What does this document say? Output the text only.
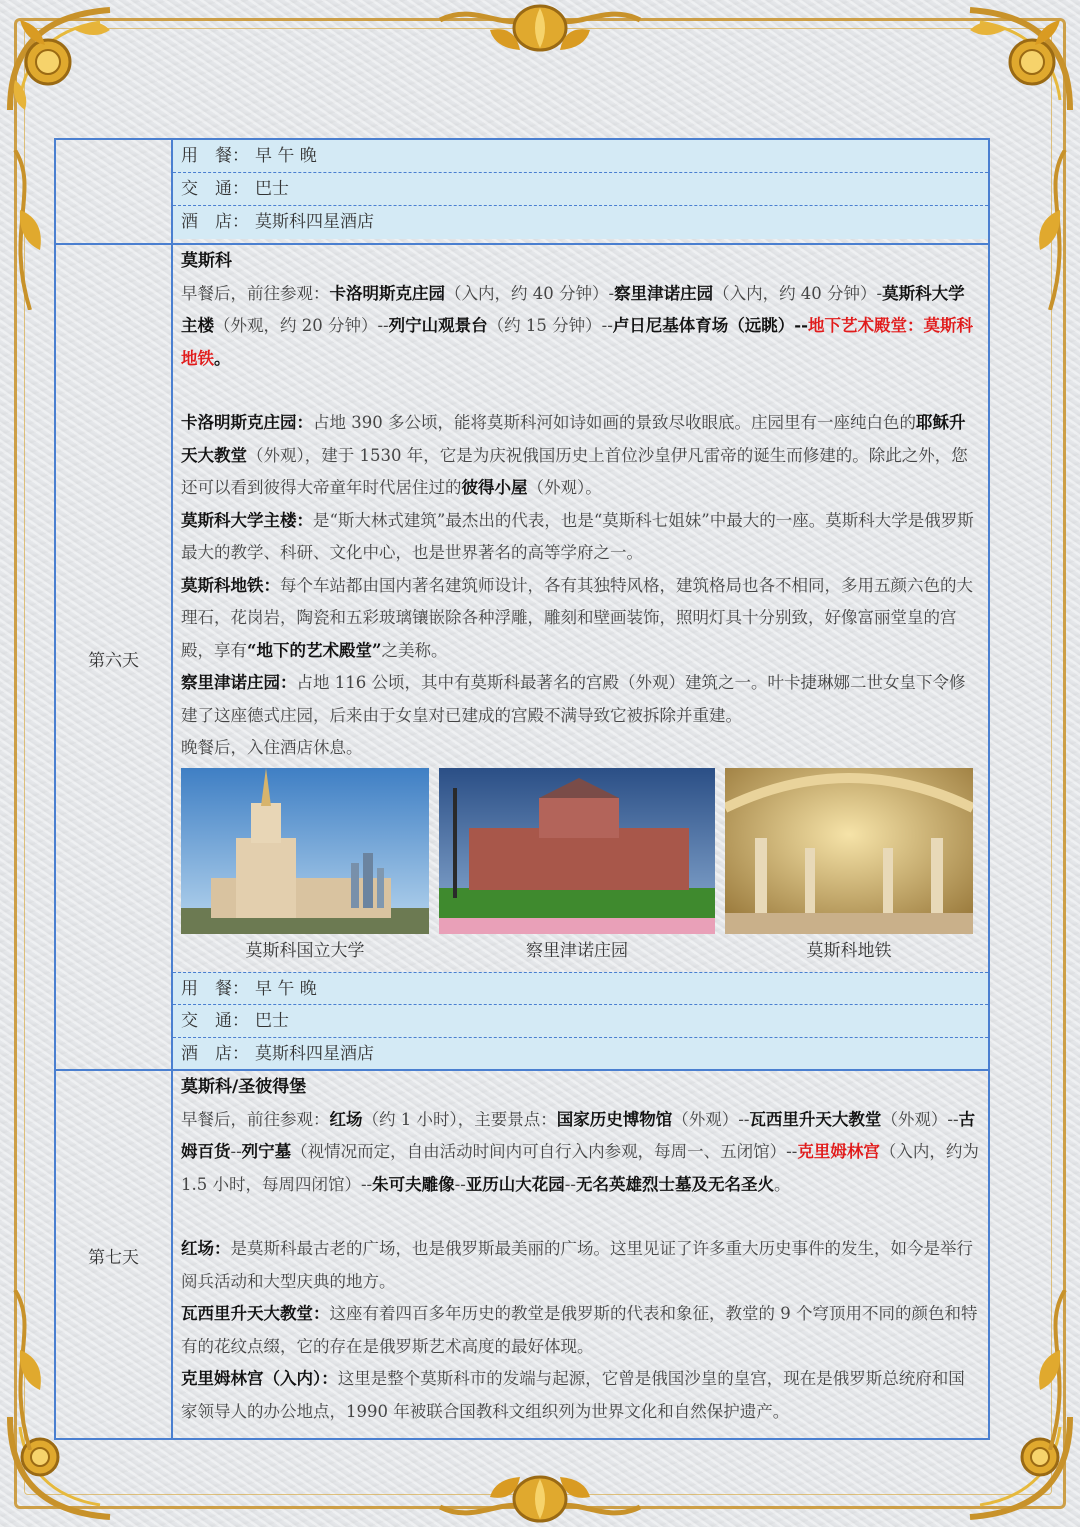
用　餐： 早 午 晚
交　通： 巴士
酒　店： 莫斯科四星酒店
第六天
莫斯科
早餐后，前往参观：卡洛明斯克庄园（入内，约 40 分钟）-察里津诺庄园（入内，约 40 分钟）-莫斯科大学主楼（外观，约 20 分钟）--列宁山观景台（约 15 分钟）--卢日尼基体育场（远眺）--地下艺术殿堂：莫斯科地铁。
卡洛明斯克庄园：占地 390 多公顷，能将莫斯科河如诗如画的景致尽收眼底。庄园里有一座纯白色的耶稣升天大教堂（外观），建于 1530 年，它是为庆祝俄国历史上首位沙皇伊凡雷帝的诞生而修建的。除此之外，您还可以看到彼得大帝童年时代居住过的彼得小屋（外观）。
莫斯科大学主楼：是“斯大林式建筑”最杰出的代表，也是“莫斯科七姐妹”中最大的一座。莫斯科大学是俄罗斯最大的教学、科研、文化中心，也是世界著名的高等学府之一。
莫斯科地铁：每个车站都由国内著名建筑师设计，各有其独特风格，建筑格局也各不相同，多用五颜六色的大理石，花岗岩，陶瓷和五彩玻璃镶嵌除各种浮雕，雕刻和壁画装饰，照明灯具十分别致，好像富丽堂皇的宫殿，享有“地下的艺术殿堂”之美称。
察里津诺庄园：占地 116 公顷，其中有莫斯科最著名的宫殿（外观）建筑之一。叶卡捷琳娜二世女皇下令修建了这座德式庄园，后来由于女皇对已建成的宫殿不满导致它被拆除并重建。
晚餐后，入住酒店休息。
莫斯科国立大学	察里津诺庄园	莫斯科地铁
用　餐： 早 午 晚
交　通： 巴士
酒　店： 莫斯科四星酒店
第七天
莫斯科/圣彼得堡
早餐后，前往参观：红场（约 1 小时），主要景点：国家历史博物馆（外观）--瓦西里升天大教堂（外观）--古姆百货--列宁墓（视情况而定，自由活动时间内可自行入内参观，每周一、五闭馆）--克里姆林宫（入内，约为 1.5 小时，每周四闭馆）--朱可夫雕像--亚历山大花园--无名英雄烈士墓及无名圣火。
红场：是莫斯科最古老的广场，也是俄罗斯最美丽的广场。这里见证了许多重大历史事件的发生，如今是举行阅兵活动和大型庆典的地方。
瓦西里升天大教堂：这座有着四百多年历史的教堂是俄罗斯的代表和象征，教堂的 9 个穹顶用不同的颜色和特有的花纹点缀，它的存在是俄罗斯艺术高度的最好体现。
克里姆林宫（入内）：这里是整个莫斯科市的发端与起源，它曾是俄国沙皇的皇宫，现在是俄罗斯总统府和国家领导人的办公地点，1990 年被联合国教科文组织列为世界文化和自然保护遗产。
